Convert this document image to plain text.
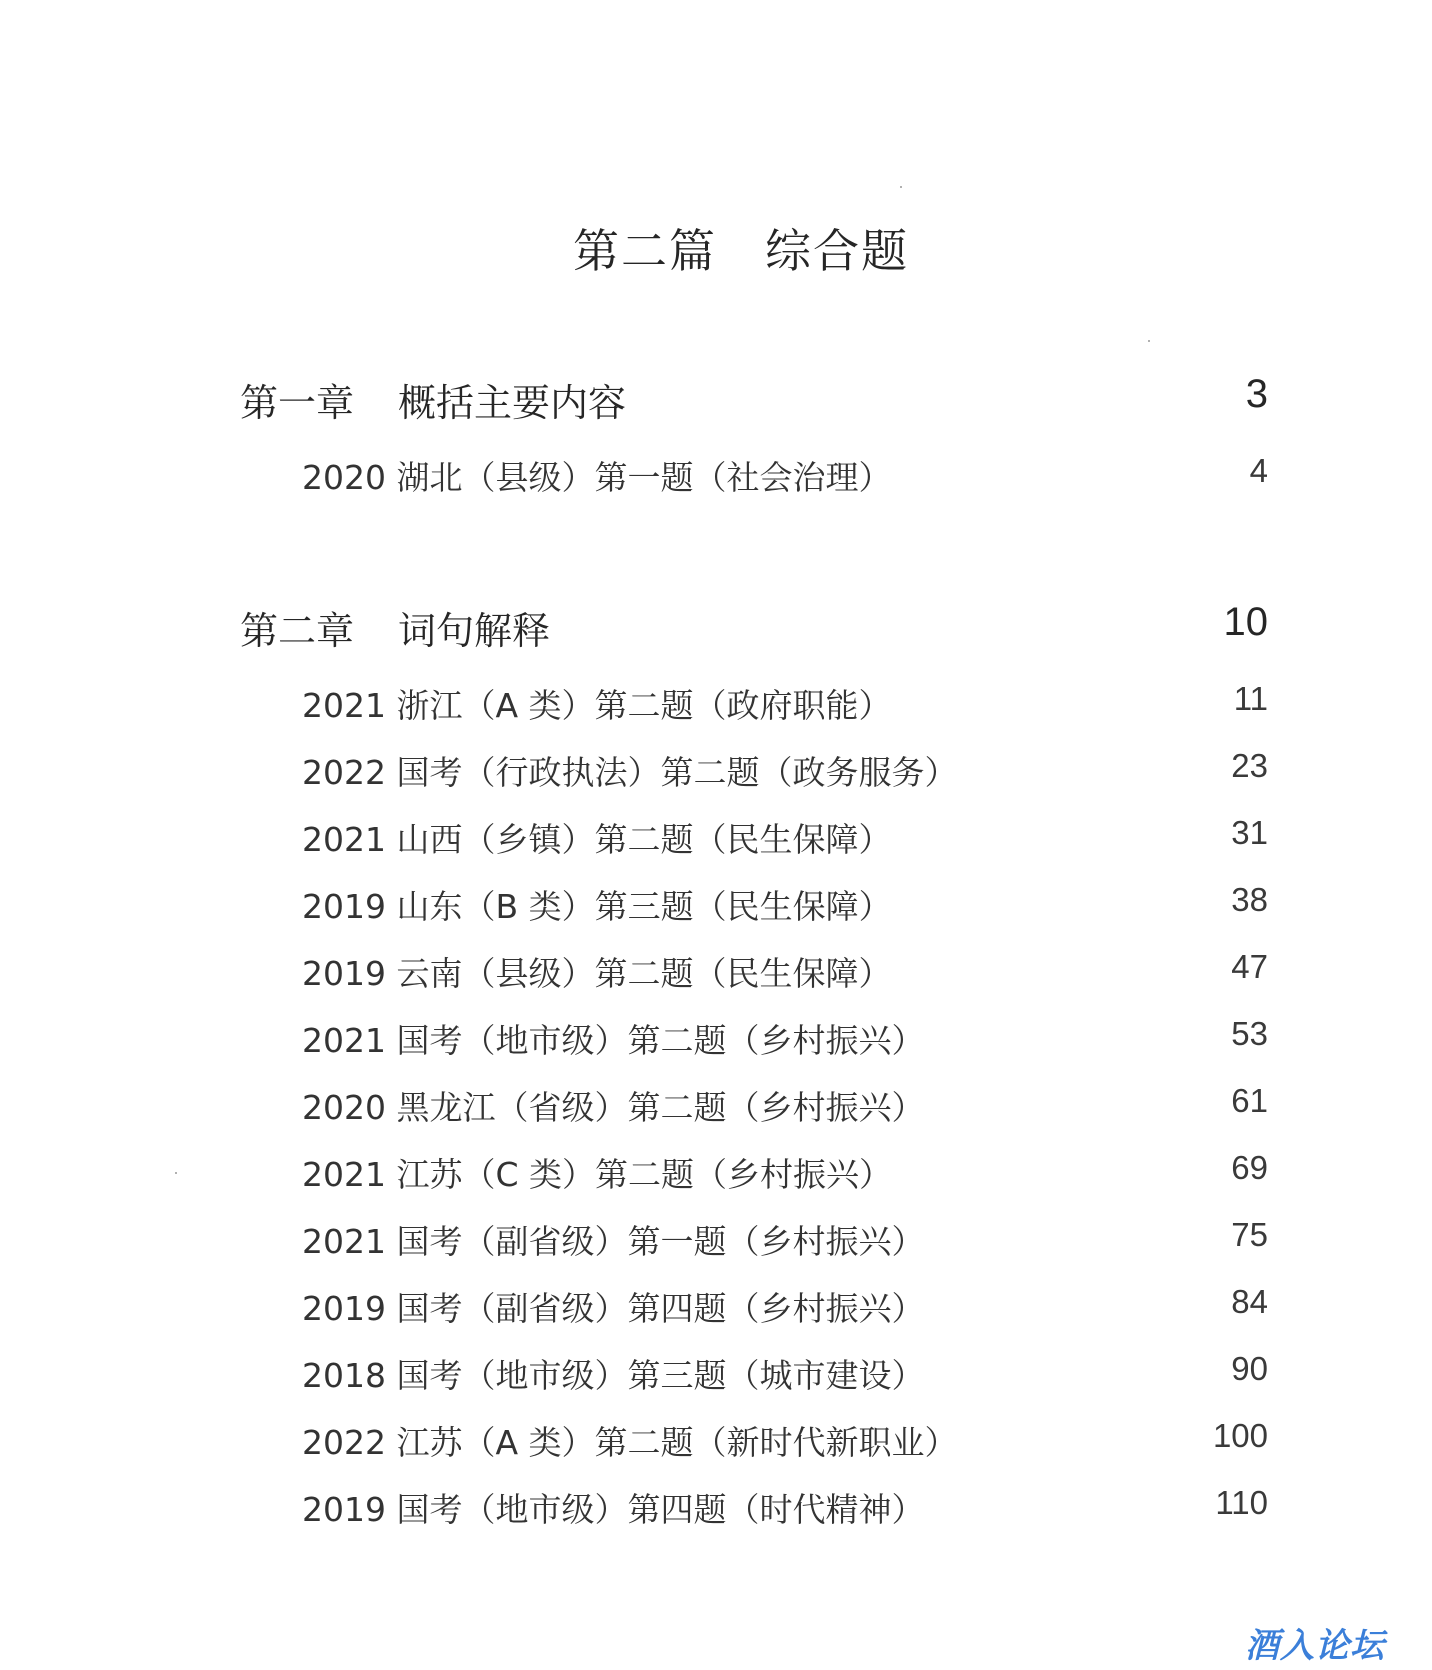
第二篇 综合题
第一章 概括主要内容	3
2020 湖北（县级）第一题（社会治理）	4
第二章 词句解释	10
2021 浙江（A 类）第二题（政府职能）	11
2022 国考（行政执法）第二题（政务服务）	23
2021 山西（乡镇）第二题（民生保障）	31
2019 山东（B 类）第三题（民生保障）	38
2019 云南（县级）第二题（民生保障）	47
2021 国考（地市级）第二题（乡村振兴）	53
2020 黑龙江（省级）第二题（乡村振兴）	61
2021 江苏（C 类）第二题（乡村振兴）	69
2021 国考（副省级）第一题（乡村振兴）	75
2019 国考（副省级）第四题（乡村振兴）	84
2018 国考（地市级）第三题（城市建设）	90
2022 江苏（A 类）第二题（新时代新职业）	100
2019 国考（地市级）第四题（时代精神）	110
酒入论坛
